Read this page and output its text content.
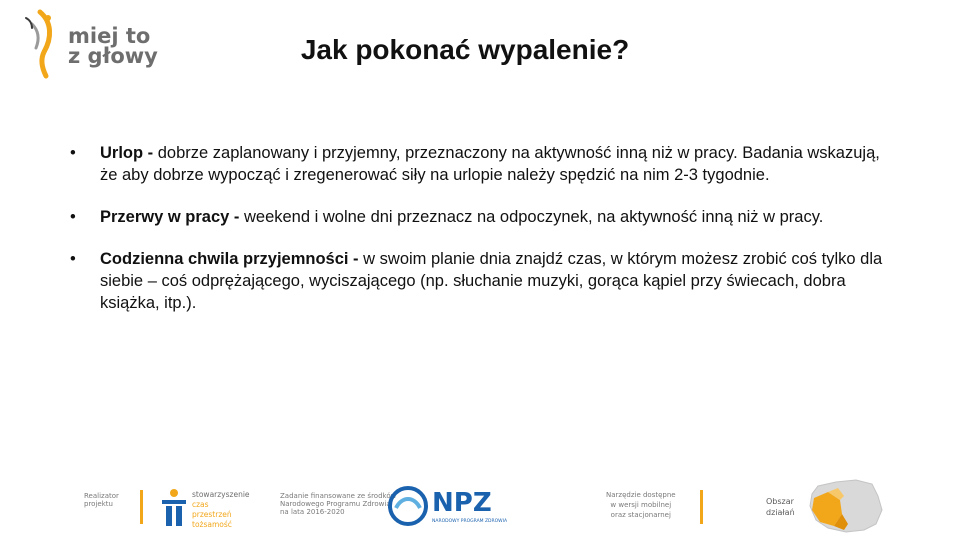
miej to
z głowy	Jak pokonać wypalenie?
• Urlop - dobrze zaplanowany i przyjemny, przeznaczony na aktywność inną niż w pracy. Badania wskazują, że aby dobrze wypocząć i zregenerować siły na urlopie należy spędzić na nim 2-3 tygodnie.
• Przerwy w pracy - weekend i wolne dni przeznacz na odpoczynek, na aktywność inną niż w pracy.
• Codzienna chwila przyjemności - w swoim planie dnia znajdź czas, w którym możesz zrobić coś tylko dla siebie – coś odprężającego, wyciszającego (np. słuchanie muzyki, gorąca kąpiel przy świecach, dobra książka, itp.).
Realizator
projektu
stowarzyszenie
czas
przestrzeń
tożsamość
Zadanie finansowane ze środków
Narodowego Programu Zdrowia
na lata 2016-2020	NPZ
NARODOWY PROGRAM ZDROWIA
Narzędzie dostępne
w wersji mobilnej
oraz stacjonarnej
Obszar
działań
